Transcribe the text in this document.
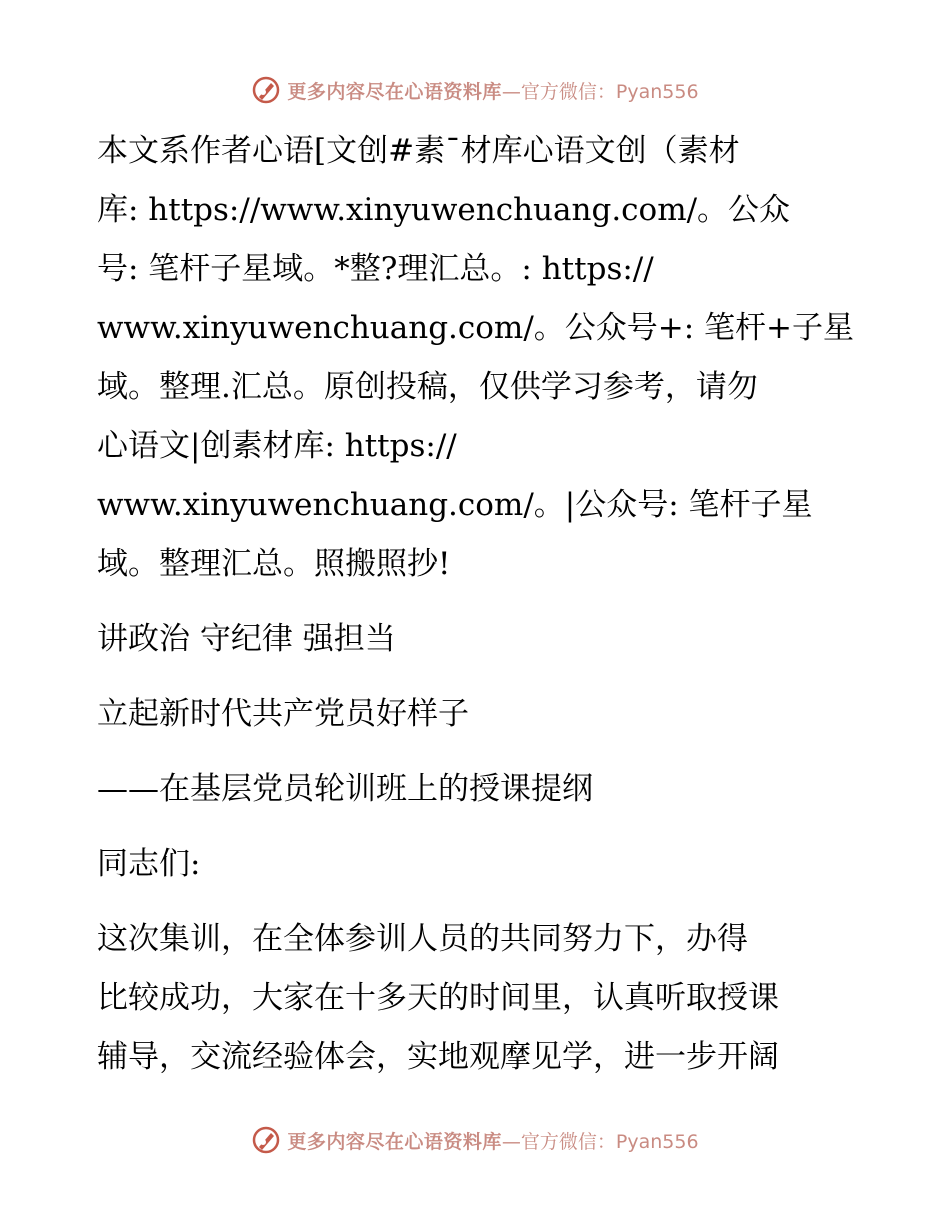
更多内容尽在心语资料库 —官方微信：Pyan556
本文系作者心语[文创#素¯材库心语文创（素材
库: https://www.xinyuwenchuang.com/。公众
号: 笔杆子星域。*整?理汇总。: https://
www.xinyuwenchuang.com/。公众号+: 笔杆+子星
域。整理.汇总。原创投稿，仅供学习参考，请勿
心语文|创素材库: https://
www.xinyuwenchuang.com/。|公众号: 笔杆子星
域。整理汇总。照搬照抄!
讲政治 守纪律 强担当
立起新时代共产党员好样子
——在基层党员轮训班上的授课提纲
同志们:
这次集训，在全体参训人员的共同努力下，办得
比较成功，大家在十多天的时间里，认真听取授课
辅导，交流经验体会，实地观摩见学，进一步开阔
更多内容尽在心语资料库 —官方微信：Pyan556
